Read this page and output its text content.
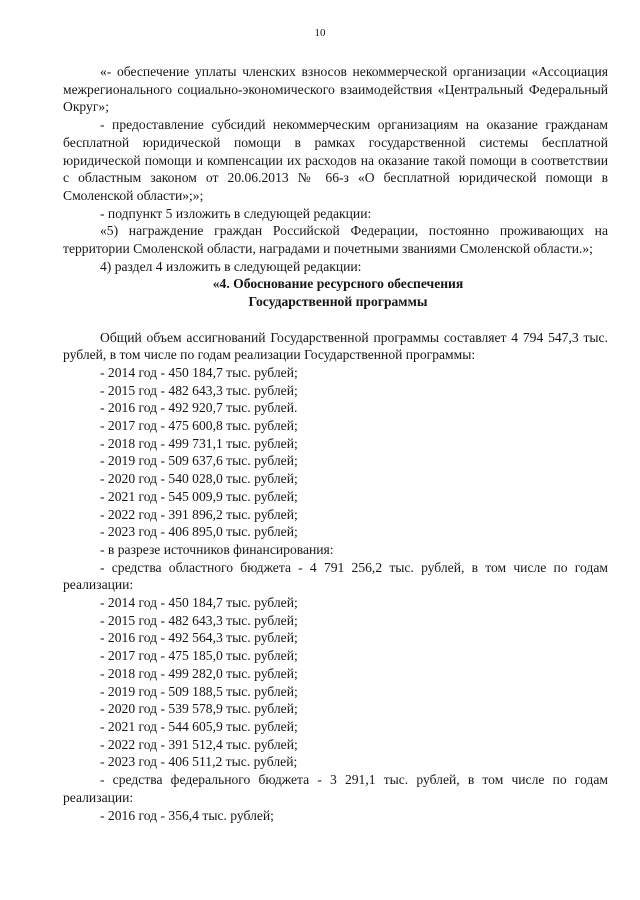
10

«- обеспечение уплаты членских взносов некоммерческой организации «Ассоциация межрегионального социально-экономического взаимодействия «Центральный Федеральный Округ»;

- предоставление субсидий некоммерческим организациям на оказание гражданам бесплатной юридической помощи в рамках государственной системы бесплатной юридической помощи и компенсации их расходов на оказание такой помощи в соответствии с областным законом от 20.06.2013 № 66-з «О бесплатной юридической помощи в Смоленской области»;»;

- подпункт 5 изложить в следующей редакции:

«5) награждение граждан Российской Федерации, постоянно проживающих на территории Смоленской области, наградами и почетными званиями Смоленской области.»;

4) раздел 4 изложить в следующей редакции:

«4. Обоснование ресурсного обеспечения

Государственной программы

Общий объем ассигнований Государственной программы составляет 4 794 547,3 тыс. рублей, в том числе по годам реализации Государственной программы:

- 2014 год - 450 184,7 тыс. рублей;
- 2015 год - 482 643,3 тыс. рублей;
- 2016 год - 492 920,7 тыс. рублей.
- 2017 год - 475 600,8 тыс. рублей;
- 2018 год - 499 731,1 тыс. рублей;
- 2019 год - 509 637,6 тыс. рублей;
- 2020 год - 540 028,0 тыс. рублей;
- 2021 год - 545 009,9 тыс. рублей;
- 2022 год - 391 896,2 тыс. рублей;
- 2023 год - 406 895,0 тыс. рублей;

- в разрезе источников финансирования:

- средства областного бюджета - 4 791 256,2 тыс. рублей, в том числе по годам реализации:

- 2014 год - 450 184,7 тыс. рублей;
- 2015 год - 482 643,3 тыс. рублей;
- 2016 год - 492 564,3 тыс. рублей;
- 2017 год - 475 185,0 тыс. рублей;
- 2018 год - 499 282,0 тыс. рублей;
- 2019 год - 509 188,5 тыс. рублей;
- 2020 год - 539 578,9 тыс. рублей;
- 2021 год - 544 605,9 тыс. рублей;
- 2022 год - 391 512,4 тыс. рублей;
- 2023 год - 406 511,2 тыс. рублей;

- средства федерального бюджета - 3 291,1 тыс. рублей, в том числе по годам реализации:

- 2016 год - 356,4 тыс. рублей;
